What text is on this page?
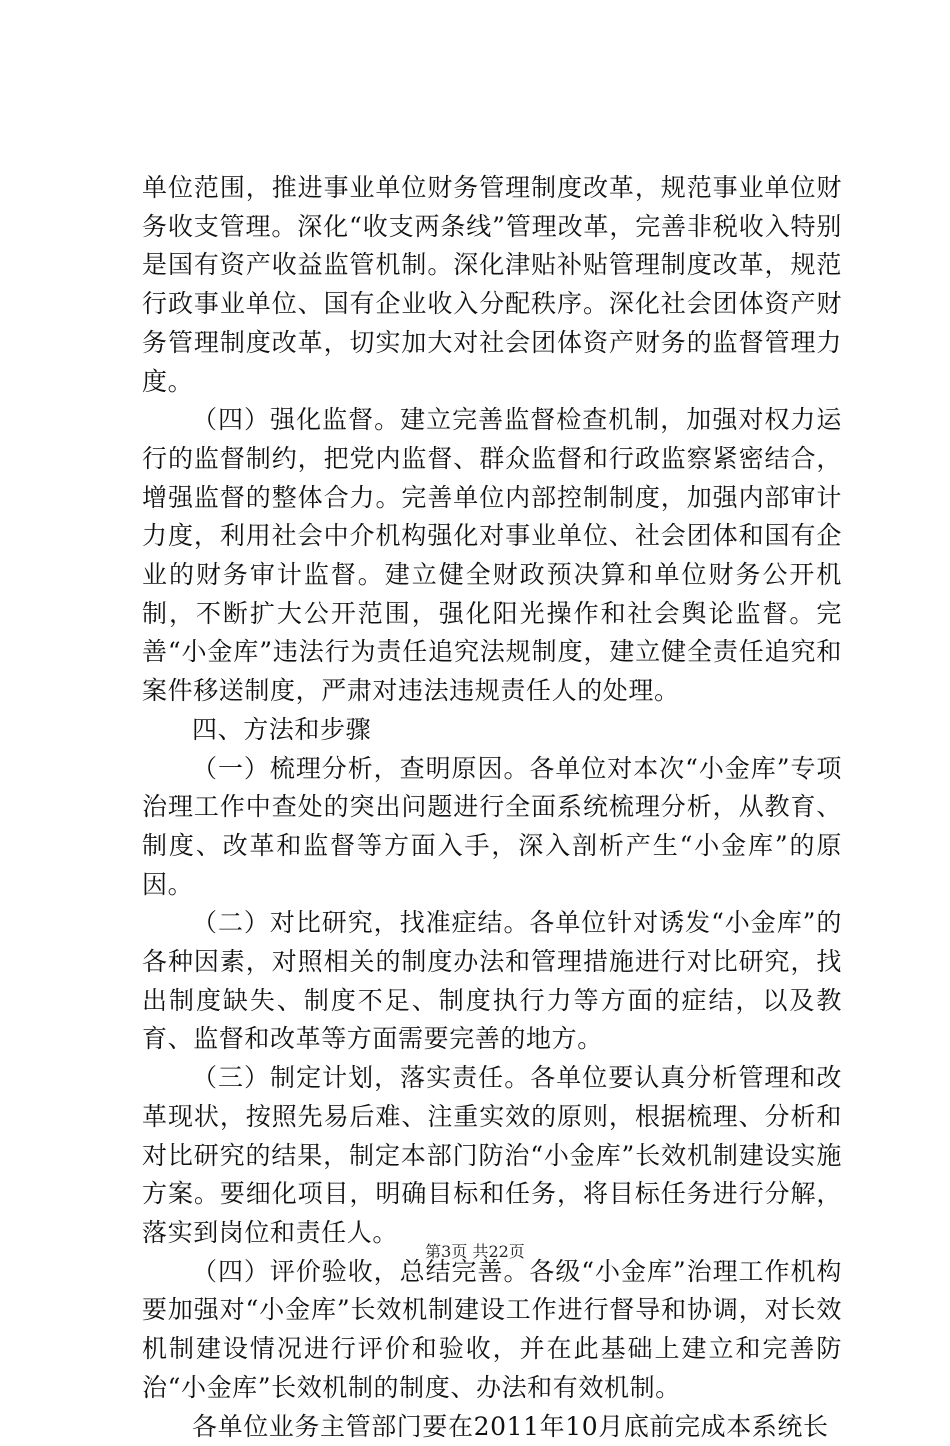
单位范围，推进事业单位财务管理制度改革，规范事业单位财务收支管理。深化“收支两条线”管理改革，完善非税收入特别是国有资产收益监管机制。深化津贴补贴管理制度改革，规范行政事业单位、国有企业收入分配秩序。深化社会团体资产财务管理制度改革，切实加大对社会团体资产财务的监督管理力度。

（四）强化监督。建立完善监督检查机制，加强对权力运行的监督制约，把党内监督、群众监督和行政监察紧密结合，增强监督的整体合力。完善单位内部控制制度，加强内部审计力度，利用社会中介机构强化对事业单位、社会团体和国有企业的财务审计监督。建立健全财政预决算和单位财务公开机制，不断扩大公开范围，强化阳光操作和社会舆论监督。完善“小金库”违法行为责任追究法规制度，建立健全责任追究和案件移送制度，严肃对违法违规责任人的处理。

四、方法和步骤

（一）梳理分析，查明原因。各单位对本次“小金库”专项治理工作中查处的突出问题进行全面系统梳理分析，从教育、制度、改革和监督等方面入手，深入剖析产生“小金库”的原因。

（二）对比研究，找准症结。各单位针对诱发“小金库”的各种因素，对照相关的制度办法和管理措施进行对比研究，找出制度缺失、制度不足、制度执行力等方面的症结，以及教育、监督和改革等方面需要完善的地方。

（三）制定计划，落实责任。各单位要认真分析管理和改革现状，按照先易后难、注重实效的原则，根据梳理、分析和对比研究的结果，制定本部门防治“小金库”长效机制建设实施方案。要细化项目，明确目标和任务，将目标任务进行分解，落实到岗位和责任人。

（四）评价验收，总结完善。各级“小金库”治理工作机构要加强对“小金库”长效机制建设工作进行督导和协调，对长效机制建设情况进行评价和验收，并在此基础上建立和完善防治“小金库”长效机制的制度、办法和有效机制。

各单位业务主管部门要在2011年10月底前完成本系统长

第3页 共22页
